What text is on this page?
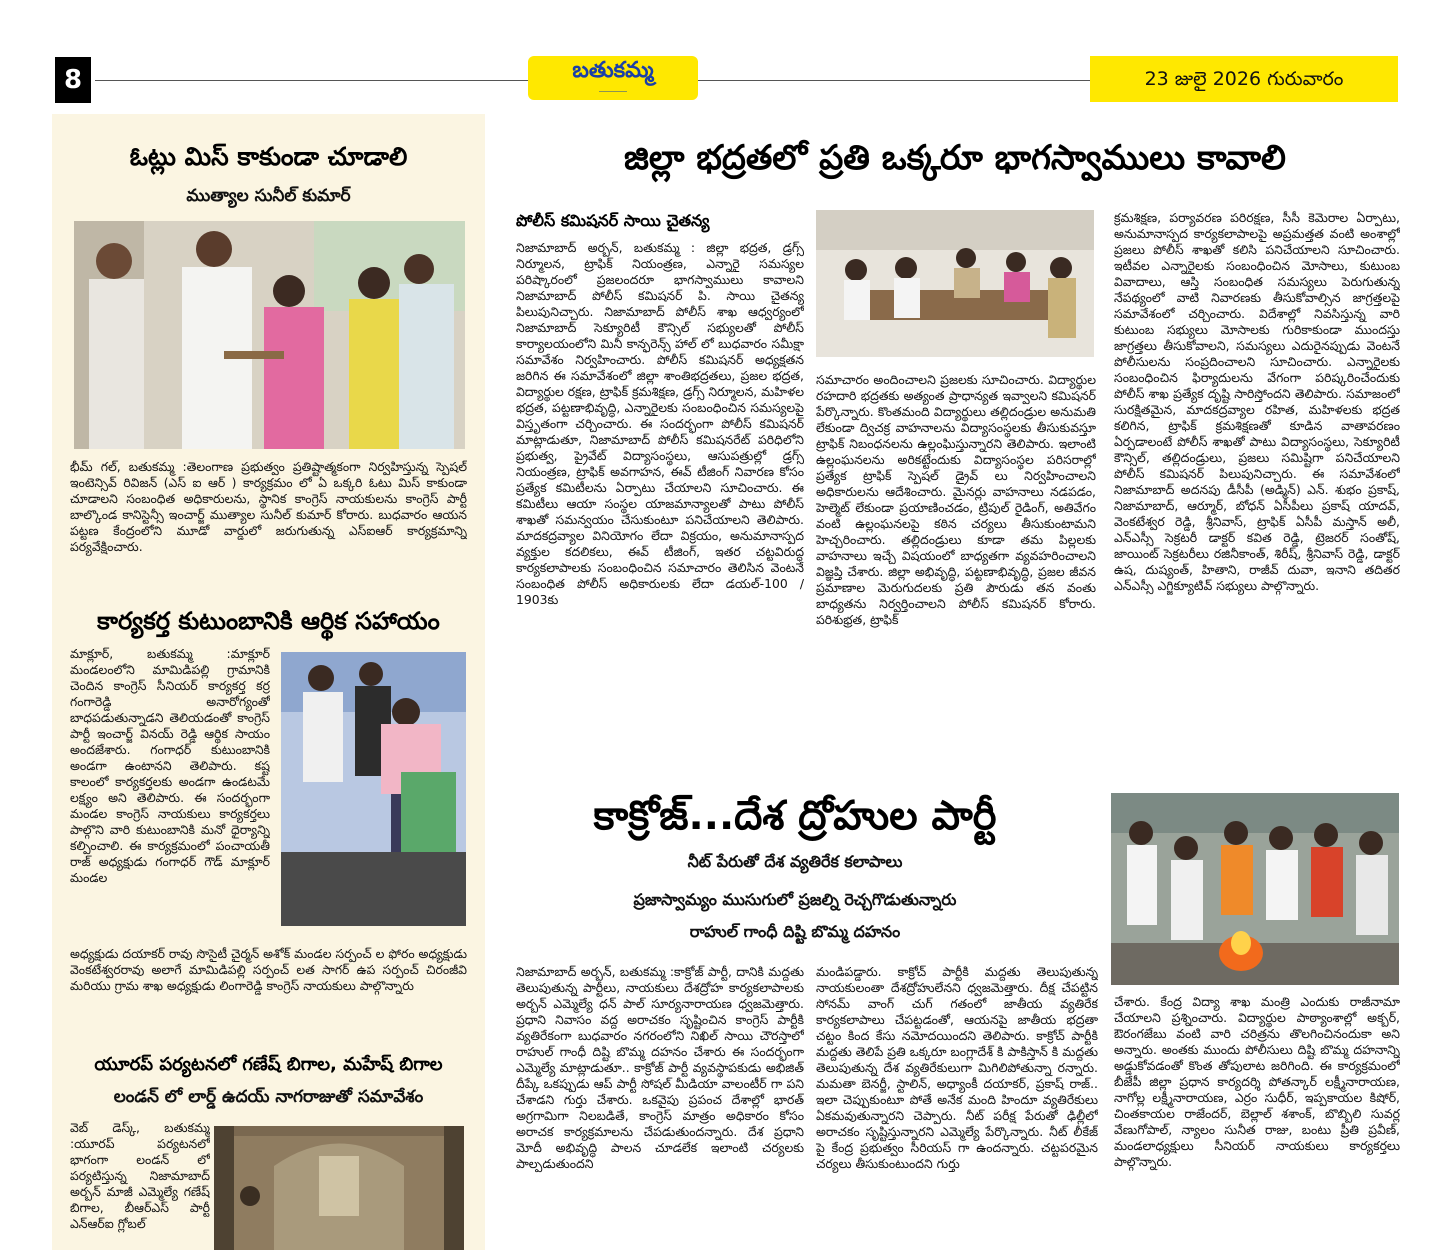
8	బతుకమ్మ
⎯⎯⎯⎯⎯⎯⎯⎯
23 జులై 2026 గురువారం
ఓట్లు మిస్ కాకుండా చూడాలి
ముత్యాల సునీల్ కుమార్
భీమ్ గల్, బతుకమ్మ :తెలంగాణ ప్రభుత్వం ప్రతిష్టాత్మకంగా నిర్వహిస్తున్న స్పెషల్ ఇంటెన్సివ్ రివిజన్ (ఎస్ ఐ ఆర్ ) కార్యక్రమం లో ఏ ఒక్కరి ఓటు మిస్ కాకుండా చూడాలని సంబంధిత అధికారులను, స్థానిక కాంగ్రెస్ నాయకులను కాంగ్రెస్ పార్టీ బాల్కొండ కానిస్టెన్సీ ఇంచార్జ్ ముత్యాల సునీల్ కుమార్ కోరారు. బుధవారం ఆయన పట్టణ కేంద్రంలోని మూడో వార్డులో జరుగుతున్న ఎస్ఐఆర్ కార్యక్రమాన్ని పర్యవేక్షించారు.
కార్యకర్త కుటుంబానికి ఆర్థిక సహాయం
మాక్లూర్, బతుకమ్మ :మాక్లూర్ మండలంలోని మామిడిపల్లి గ్రామానికి చెందిన కాంగ్రెస్ సీనియర్ కార్యకర్త కర్ర గంగారెడ్డి అనారోగ్యంతో బాధపడుతున్నాడని తెలియడంతో కాంగ్రెస్ పార్టీ ఇంచార్జ్ వినయ్ రెడ్డి ఆర్థిక సాయం అందజేశారు. గంగాధర్ కుటుంబానికి అండగా ఉంటానని తెలిపారు. కష్ట కాలంలో కార్యకర్తలకు అండగా ఉండటమే లక్ష్యం అని తెలిపారు. ఈ సందర్భంగా మండల కాంగ్రెస్ నాయకులు కార్యకర్తలు పాల్గొని వారి కుటుంబానికి మనో ధైర్యాన్ని కల్పించాలి. ఈ కార్యక్రమంలో పంచాయతీ రాజ్ అధ్యక్షుడు గంగాధర్ గౌడ్ మాక్లూర్ మండల
అధ్యక్షుడు దయాకర్ రావు సొసైటీ చైర్మన్ అశోక్ మండల సర్పంచ్ ల ఫోరం అధ్యక్షుడు వెంకటేశ్వరరావు అలాగే మామిడిపల్లి సర్పంచ్ లత సాగర్ ఉప సర్పంచ్ చిరంజీవి మరియు గ్రామ శాఖ అధ్యక్షుడు లింగారెడ్డి కాంగ్రెస్ నాయకులు పాల్గొన్నారు
యూరప్ పర్యటనలో గణేష్ బిగాల, మహేష్ బిగాల
లండన్ లో లార్డ్ ఉదయ్ నాగరాజుతో సమావేశం
వెబ్ డెస్క్, బతుకమ్మ :యూరప్ పర్యటనలో భాగంగా లండన్ లో పర్యటిస్తున్న నిజామాబాద్ అర్బన్ మాజీ ఎమ్మెల్యే గణేష్ బిగాల, బీఆర్ఎస్ పార్టీ ఎన్ఆర్ఐ గ్లోబల్
జిల్లా భద్రతలో ప్రతి ఒక్కరూ భాగస్వాములు కావాలి
పోలీస్ కమిషనర్ సాయి చైతన్య
నిజామాబాద్ అర్బన్, బతుకమ్మ : జిల్లా భద్రత, డ్రగ్స్ నిర్మూలన, ట్రాఫిక్ నియంత్రణ, ఎన్నారై సమస్యల పరిష్కారంలో ప్రజలందరూ భాగస్వాములు కావాలని నిజామాబాద్ పోలీస్ కమిషనర్ పి. సాయి చైతన్య పిలుపునిచ్చారు. నిజామాబాద్ పోలీస్ శాఖ ఆధ్వర్యంలో నిజామాబాద్ సెక్యూరిటీ కౌన్సిల్ సభ్యులతో పోలీస్ కార్యాలయంలోని మినీ కాన్ఫరెన్స్ హాల్ లో బుధవారం సమీక్షా సమావేశం నిర్వహించారు. పోలీస్ కమిషనర్ అధ్యక్షతన జరిగిన ఈ సమావేశంలో జిల్లా శాంతిభద్రతలు, ప్రజల భద్రత, విద్యార్థుల రక్షణ, ట్రాఫిక్ క్రమశిక్షణ, డ్రగ్స్ నిర్మూలన, మహిళల భద్రత, పట్టణాభివృద్ధి, ఎన్నారైలకు సంబంధించిన సమస్యలపై విస్తృతంగా చర్చించారు. ఈ సందర్భంగా పోలీస్ కమిషనర్ మాట్లాడుతూ, నిజామాబాద్ పోలీస్ కమిషనరేట్ పరిధిలోని ప్రభుత్వ, ప్రైవేట్ విద్యాసంస్థలు, ఆసుపత్రుల్లో డ్రగ్స్ నియంత్రణ, ట్రాఫిక్ అవగాహన, ఈవ్ టీజింగ్ నివారణ కోసం ప్రత్యేక కమిటీలను ఏర్పాటు చేయాలని సూచించారు. ఈ కమిటీలు ఆయా సంస్థల యాజమాన్యాలతో పాటు పోలీస్ శాఖతో సమన్వయం చేసుకుంటూ పనిచేయాలని తెలిపారు. మాదకద్రవ్యాల వినియోగం లేదా విక్రయం, అనుమానాస్పద వ్యక్తుల కదలికలు, ఈవ్ టీజింగ్, ఇతర చట్టవిరుద్ధ కార్యకలాపాలకు సంబంధించిన సమాచారం తెలిసిన వెంటనే సంబంధిత పోలీస్ అధికారులకు లేదా డయల్-100 / 1903కు
సమాచారం అందించాలని ప్రజలకు సూచించారు. విద్యార్థుల రహదారి భద్రతకు అత్యంత ప్రాధాన్యత ఇవ్వాలని కమిషనర్ పేర్కొన్నారు. కొంతమంది విద్యార్థులు తల్లిదండ్రుల అనుమతి లేకుండా ద్విచక్ర వాహనాలను విద్యాసంస్థలకు తీసుకువస్తూ ట్రాఫిక్ నిబంధనలను ఉల్లంఘిస్తున్నారని తెలిపారు. ఇలాంటి ఉల్లంఘనలను అరికట్టేందుకు విద్యాసంస్థల పరిసరాల్లో ప్రత్యేక ట్రాఫిక్ స్పెషల్ డ్రైవ్ లు నిర్వహించాలని అధికారులను ఆదేశించారు. మైనర్లు వాహనాలు నడపడం, హెల్మెట్ లేకుండా ప్రయాణించడం, ట్రిపుల్ రైడింగ్, అతివేగం వంటి ఉల్లంఘనలపై కఠిన చర్యలు తీసుకుంటామని హెచ్చరించారు. తల్లిదండ్రులు కూడా తమ పిల్లలకు వాహనాలు ఇచ్చే విషయంలో బాధ్యతగా వ్యవహరించాలని విజ్ఞప్తి చేశారు. జిల్లా అభివృద్ధి, పట్టణాభివృద్ధి, ప్రజల జీవన ప్రమాణాల మెరుగుదలకు ప్రతి పౌరుడు తన వంతు బాధ్యతను నిర్వర్తించాలని పోలీస్ కమిషనర్ కోరారు. పరిశుభ్రత, ట్రాఫిక్
క్రమశిక్షణ, పర్యావరణ పరిరక్షణ, సీసీ కెమెరాల ఏర్పాటు, అనుమానాస్పద కార్యకలాపాలపై అప్రమత్తత వంటి అంశాల్లో ప్రజలు పోలీస్ శాఖతో కలిసి పనిచేయాలని సూచించారు. ఇటీవల ఎన్నారైలకు సంబంధించిన మోసాలు, కుటుంబ వివాదాలు, ఆస్తి సంబంధిత సమస్యలు పెరుగుతున్న నేపథ్యంలో వాటి నివారణకు తీసుకోవాల్సిన జాగ్రత్తలపై సమావేశంలో చర్చించారు. విదేశాల్లో నివసిస్తున్న వారి కుటుంబ సభ్యులు మోసాలకు గురికాకుండా ముందస్తు జాగ్రత్తలు తీసుకోవాలని, సమస్యలు ఎదురైనప్పుడు వెంటనే పోలీసులను సంప్రదించాలని సూచించారు. ఎన్నారైలకు సంబంధించిన ఫిర్యాదులను వేగంగా పరిష్కరించేందుకు పోలీస్ శాఖ ప్రత్యేక దృష్టి సారిస్తోందని తెలిపారు. సమాజంలో సురక్షితమైన, మాదకద్రవ్యాల రహిత, మహిళలకు భద్రత కలిగిన, ట్రాఫిక్ క్రమశిక్షణతో కూడిన వాతావరణం ఏర్పడాలంటే పోలీస్ శాఖతో పాటు విద్యాసంస్థలు, సెక్యూరిటీ కౌన్సిల్, తల్లిదండ్రులు, ప్రజలు సమిష్టిగా పనిచేయాలని పోలీస్ కమిషనర్ పిలుపునిచ్చారు. ఈ సమావేశంలో నిజామాబాద్ అదనపు డీసీపీ (అడ్మిన్) ఎన్. శుభం ప్రకాష్, నిజామాబాద్, ఆర్మూర్, బోధన్ ఏసీపీలు ప్రకాష్ యాదవ్, వెంకటేశ్వర రెడ్డి, శ్రీనివాస్, ట్రాఫిక్ ఏసీపీ మస్తాన్ అలీ, ఎన్ఎస్సీ సెక్రటరీ డాక్టర్ కవిత రెడ్డి, ట్రెజరర్ సంతోష్, జాయింట్ సెక్రటరీలు రజినీకాంత్, శిరీష్, శ్రీనివాస్ రెడ్డి, డాక్టర్ ఉష, దుష్యంత్, హితాని, రాజీవ్ దువా, ఇనాని తదితర ఎన్ఎస్సీ ఎగ్జిక్యూటివ్ సభ్యులు పాల్గొన్నారు.
కాక్రోజ్...దేశ ద్రోహుల పార్టీ
నీట్ పేరుతో దేశ వ్యతిరేక కలాపాలు
ప్రజాస్వామ్యం ముసుగులో ప్రజల్ని రెచ్చగొడుతున్నారు
రాహుల్ గాంధీ దిష్టి బొమ్మ దహనం
నిజామాబాద్ అర్బన్, బతుకమ్మ :కాక్రోజ్ పార్టీ, దానికి మద్దతు తెలుపుతున్న పార్టీలు, నాయకులు దేశద్రోహ కార్యకలాపాలకు అర్బన్ ఎమ్మెల్యే ధన్ పాల్ సూర్యనారాయణ ధ్వజమెత్తారు. ప్రధాని నివాసం వద్ద అరాచకం సృష్టించిన కాంగ్రెస్ పార్టీకి వ్యతిరేకంగా బుధవారం నగరంలోని నిఖిల్ సాయి చౌరస్తాలో రాహుల్ గాంధీ దిష్టి బొమ్మ దహనం చేశారు ఈ సందర్భంగా ఎమ్మెల్యే మాట్లాడుతూ.. కాక్రోజ్ పార్టీ వ్యవస్థాపకుడు అభిజిత్ దీప్కే ఒకప్పుడు ఆప్ పార్టీ సోషల్ మీడియా వాలంటీర్ గా పని చేశాడని గుర్తు చేశారు. ఒకవైపు ప్రపంచ దేశాల్లో భారత్ అగ్రగామిగా నిలబడితే, కాంగ్రెస్ మాత్రం అధికారం కోసం అరాచక కార్యక్రమాలను చేపడుతుందన్నారు. దేశ ప్రధాని మోదీ అభివృద్ధి పాలన చూడలేక ఇలాంటి చర్యలకు పాల్పడుతుందని
మండిపడ్డారు. కాక్రోచ్ పార్టీకి మద్దతు తెలుపుతున్న నాయకులంతా దేశద్రోహులేనని ధ్వజమెత్తారు. దీక్ష చేపట్టిన సోనమ్ వాంగ్ చుగ్ గతంలో జాతీయ వ్యతిరేక కార్యకలాపాలు చేపట్టడంతో, ఆయనపై జాతీయ భద్రతా చట్టం కింద కేసు నమోదయిందని తెలిపారు. కాక్రోచ్ పార్టీకి మద్దతు తెలిపే ప్రతి ఒక్కరూ బంగ్లాదేశ్ కి పాకిస్తాన్ కి మద్దతు తెలుపుతున్న దేశ వ్యతిరేకులుగా మిగిలిపోతున్నా రన్నారు. మమతా బెనర్జీ, స్టాలిన్, అధ్యాంకీ దయాకర్, ప్రకాష్ రాజ్.. ఇలా చెప్పుకుంటూ పోతే అనేక మంది హిందూ వ్యతిరేకులు ఏకమవుతున్నారని చెప్పారు. నీట్ పరీక్ష పేరుతో ఢిల్లీలో అరాచకం సృష్టిస్తున్నారని ఎమ్మెల్యే పేర్కొన్నారు. నీట్ లీకేజ్ పై కేంద్ర ప్రభుత్వం సీరియస్ గా ఉందన్నారు. చట్టపరమైన చర్యలు తీసుకుంటుందని గుర్తు
చేశారు. కేంద్ర విద్యా శాఖ మంత్రి ఎందుకు రాజీనామా చేయాలని ప్రశ్నించారు. విద్యార్థుల పాఠ్యాంశాల్లో అక్బర్, ఔరంగజేబు వంటి వారి చరిత్రను తొలగించినందుకా అని అన్నారు. అంతకు ముందు పోలీసులు దిష్టి బొమ్మ దహనాన్ని అడ్డుకోవడంతో కొంత తోపులాట జరిగింది. ఈ కార్యక్రమంలో బీజేపీ జిల్లా ప్రధాన కార్యదర్శి పోతన్కార్ లక్ష్మీనారాయణ, నాగోల్ల లక్ష్మీనారాయణ, ఎర్రం సుధీర్, ఇప్పకాయల కిషోర్, చింతకాయల రాజేందర్, బెల్లాల్ శశాంక్, బొబ్బిలి సువర్ల వేణుగోపాల్, న్యాలం సునీత రాజు, బంటు ప్రీతి ప్రవీణ్, మండలాధ్యక్షులు సీనియర్ నాయకులు కార్యకర్తలు పాల్గొన్నారు.
